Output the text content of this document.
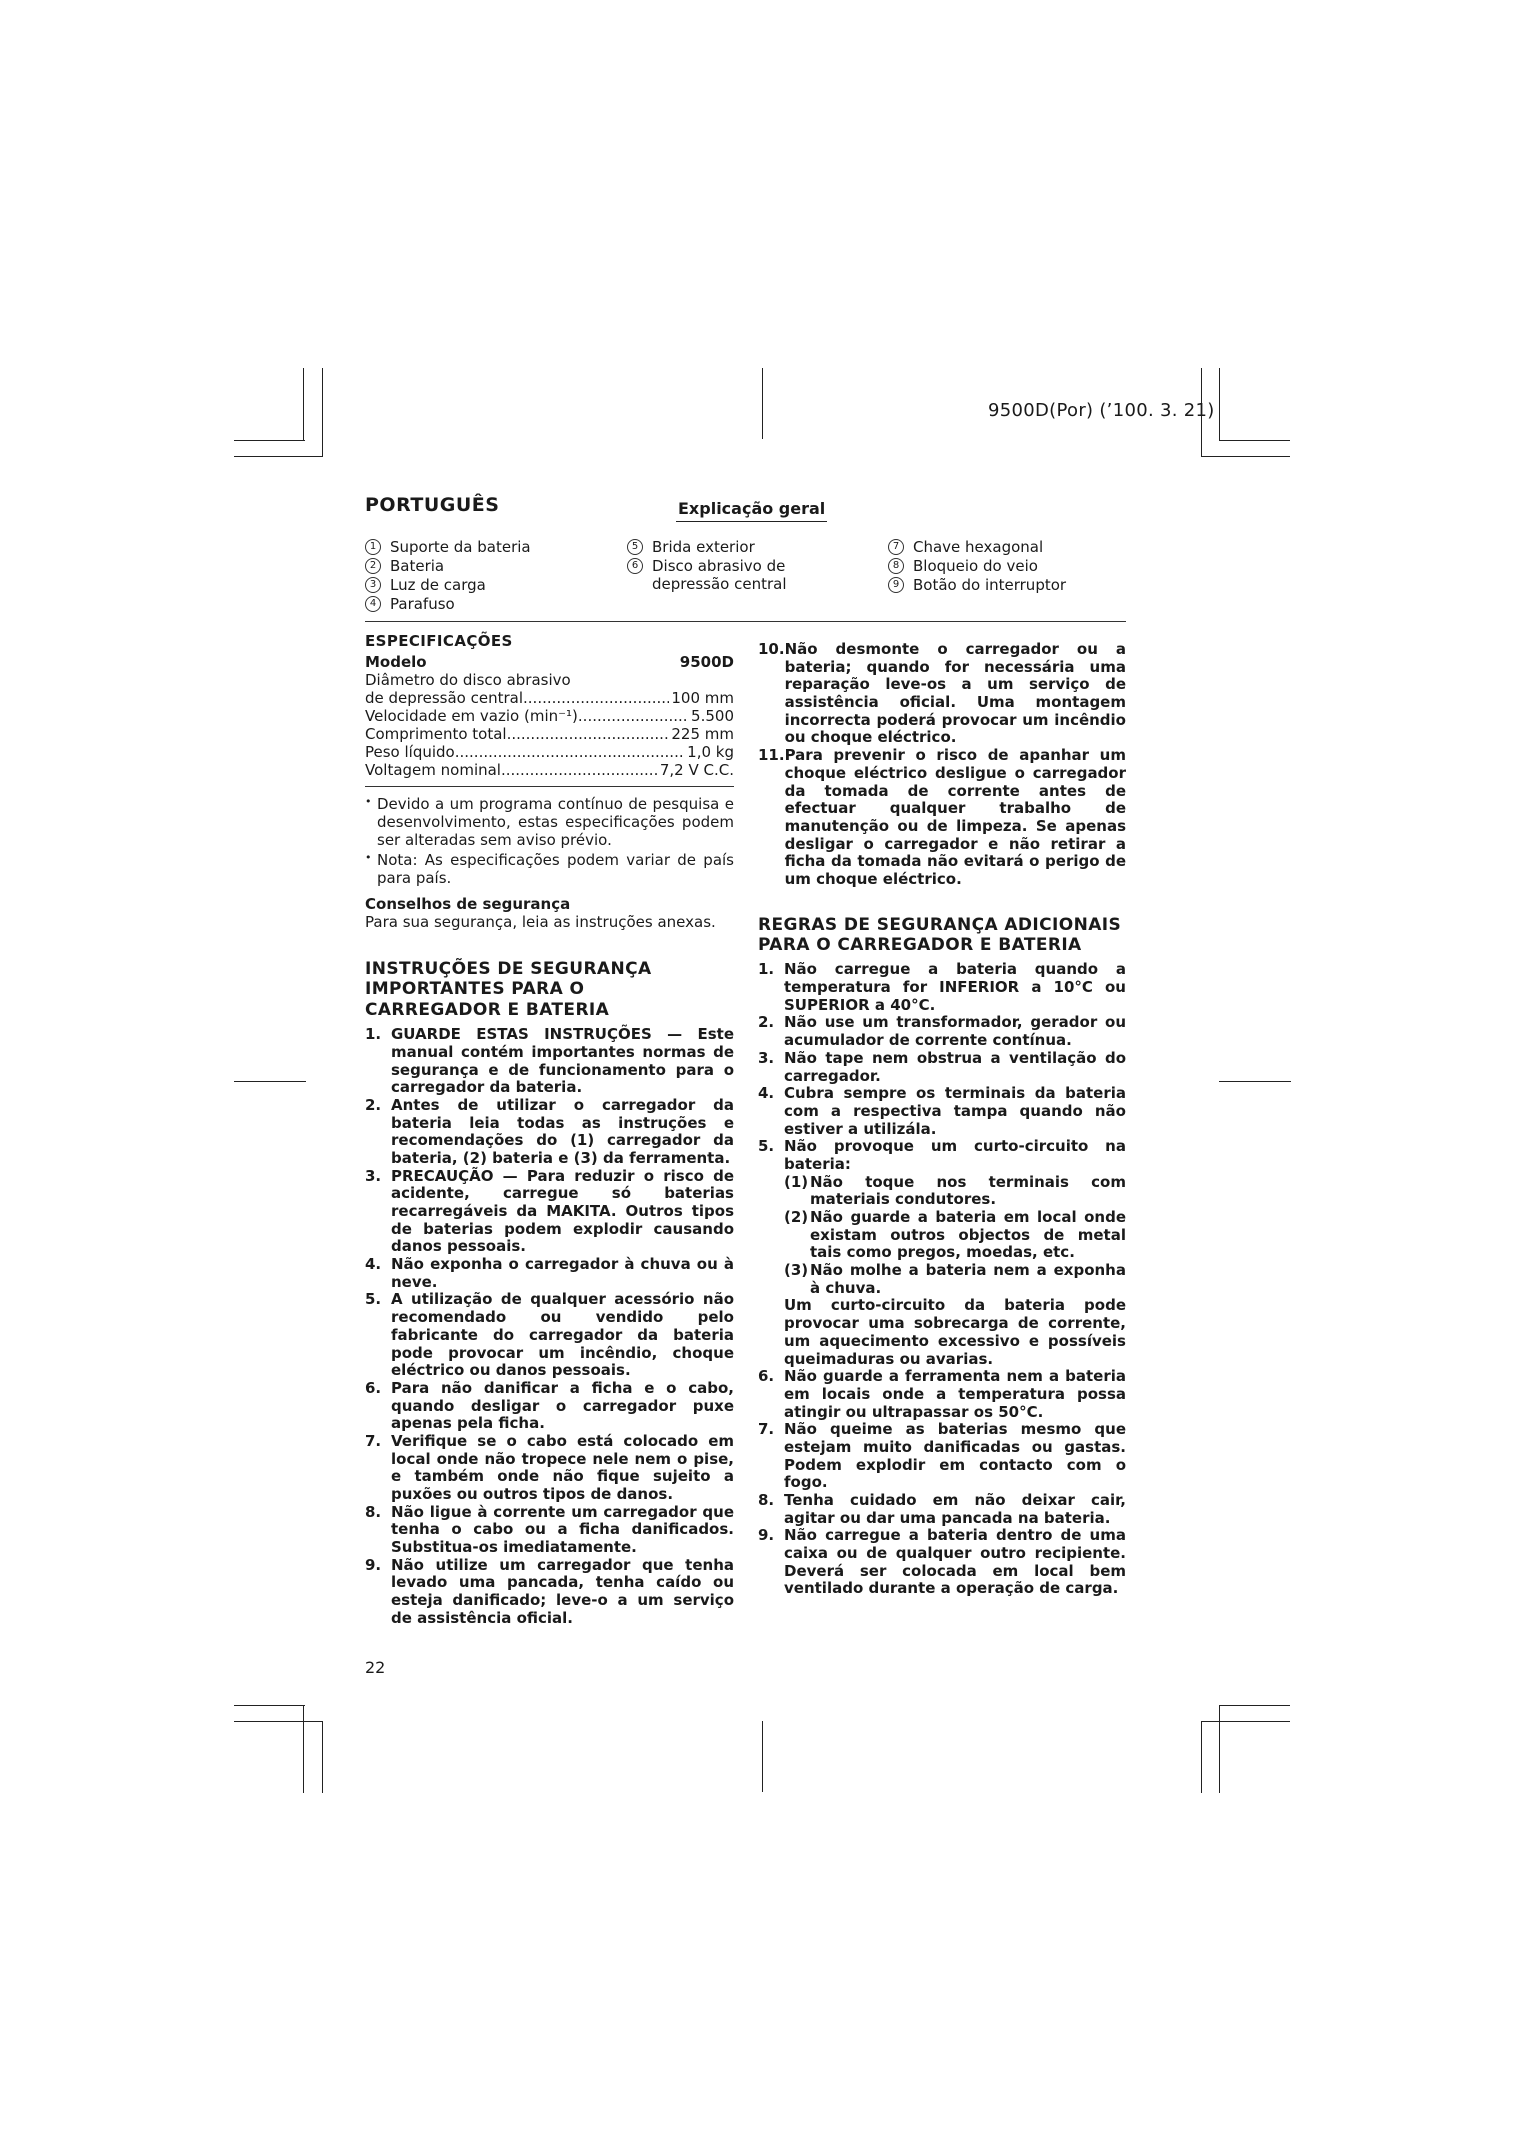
9500D(Por) (’100. 3. 21)
PORTUGUÊS	Explicação geral
1 Suporte da bateria
2 Bateria
3 Luz de carga
4 Parafuso
5 Brida exterior
6 Disco abrasivo de depressão central
7 Chave hexagonal
8 Bloqueio do veio
9 Botão do interruptor
ESPECIFICAÇÕES
Modelo	9500D
Diâmetro do disco abrasivo
de depressão central .....	100 mm
Velocidade em vazio (min⁻¹) .....	5.500
Comprimento total .....	225 mm
Peso líquido .....	1,0 kg
Voltagem nominal .....	7,2 V C.C.
• Devido a um programa contínuo de pesquisa e desenvolvimento, estas especificações podem ser alteradas sem aviso prévio.
• Nota: As especificações podem variar de país para país.
Conselhos de segurança
Para sua segurança, leia as instruções anexas.
INSTRUÇÕES DE SEGURANÇA IMPORTANTES PARA O CARREGADOR E BATERIA
1. GUARDE ESTAS INSTRUÇÕES — Este manual contém importantes normas de segurança e de funcionamento para o carregador da bateria.
2. Antes de utilizar o carregador da bateria leia todas as instruções e recomendações do (1) carregador da bateria, (2) bateria e (3) da ferramenta.
3. PRECAUÇÃO — Para reduzir o risco de acidente, carregue só baterias recarregáveis da MAKITA. Outros tipos de baterias podem explodir causando danos pessoais.
4. Não exponha o carregador à chuva ou à neve.
5. A utilização de qualquer acessório não recomendado ou vendido pelo fabricante do carregador da bateria pode provocar um incêndio, choque eléctrico ou danos pessoais.
6. Para não danificar a ficha e o cabo, quando desligar o carregador puxe apenas pela ficha.
7. Verifique se o cabo está colocado em local onde não tropece nele nem o pise, e também onde não fique sujeito a puxões ou outros tipos de danos.
8. Não ligue à corrente um carregador que tenha o cabo ou a ficha danificados. Substitua-os imediatamente.
9. Não utilize um carregador que tenha levado uma pancada, tenha caído ou esteja danificado; leve-o a um serviço de assistência oficial.
10. Não desmonte o carregador ou a bateria; quando for necessária uma reparação leve-os a um serviço de assistência oficial. Uma montagem incorrecta poderá provocar um incêndio ou choque eléctrico.
11. Para prevenir o risco de apanhar um choque eléctrico desligue o carregador da tomada de corrente antes de efectuar qualquer trabalho de manutenção ou de limpeza. Se apenas desligar o carregador e não retirar a ficha da tomada não evitará o perigo de um choque eléctrico.
REGRAS DE SEGURANÇA ADICIONAIS PARA O CARREGADOR E BATERIA
1. Não carregue a bateria quando a temperatura for INFERIOR a 10°C ou SUPERIOR a 40°C.
2. Não use um transformador, gerador ou acumulador de corrente contínua.
3. Não tape nem obstrua a ventilação do carregador.
4. Cubra sempre os terminais da bateria com a respectiva tampa quando não estiver a utilizála.
5. Não provoque um curto-circuito na bateria:
(1) Não toque nos terminais com materiais condutores.
(2) Não guarde a bateria em local onde existam outros objectos de metal tais como pregos, moedas, etc.
(3) Não molhe a bateria nem a exponha à chuva.
Um curto-circuito da bateria pode provocar uma sobrecarga de corrente, um aquecimento excessivo e possíveis queimaduras ou avarias.
6. Não guarde a ferramenta nem a bateria em locais onde a temperatura possa atingir ou ultrapassar os 50°C.
7. Não queime as baterias mesmo que estejam muito danificadas ou gastas. Podem explodir em contacto com o fogo.
8. Tenha cuidado em não deixar cair, agitar ou dar uma pancada na bateria.
9. Não carregue a bateria dentro de uma caixa ou de qualquer outro recipiente. Deverá ser colocada em local bem ventilado durante a operação de carga.
22
